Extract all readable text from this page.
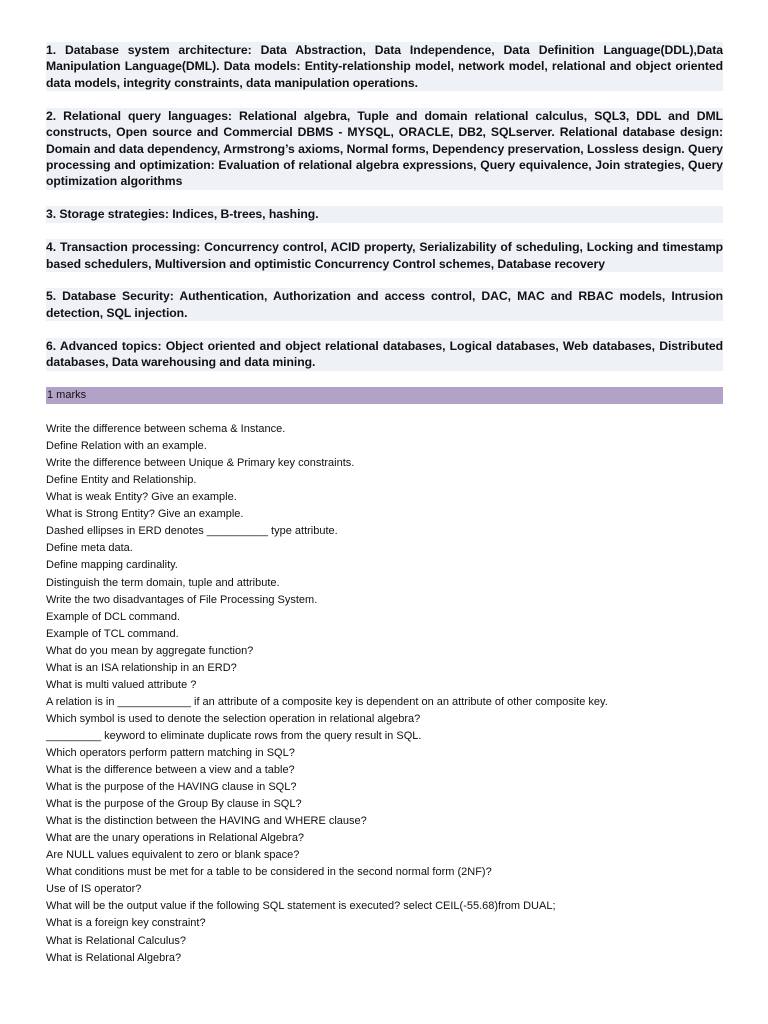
1. Database system architecture: Data Abstraction, Data Independence, Data Definition Language(DDL),Data Manipulation Language(DML). Data models: Entity-relationship model, network model, relational and object oriented data models, integrity constraints, data manipulation operations.

2. Relational query languages: Relational algebra, Tuple and domain relational calculus, SQL3, DDL and DML constructs, Open source and Commercial DBMS - MYSQL, ORACLE, DB2, SQLserver. Relational database design: Domain and data dependency, Armstrong’s axioms, Normal forms, Dependency preservation, Lossless design. Query processing and optimization: Evaluation of relational algebra expressions, Query equivalence, Join strategies, Query optimization algorithms

3. Storage strategies: Indices, B-trees, hashing.

4. Transaction processing: Concurrency control, ACID property, Serializability of scheduling, Locking and timestamp based schedulers, Multiversion and optimistic Concurrency Control schemes, Database recovery

5. Database Security: Authentication, Authorization and access control, DAC, MAC and RBAC models, Intrusion detection, SQL injection.

6. Advanced topics: Object oriented and object relational databases, Logical databases, Web databases, Distributed databases, Data warehousing and data mining.

1 marks
Write the difference between schema & Instance.
Define Relation with an example.
Write the difference between Unique & Primary key constraints.
Define Entity and Relationship.
What is weak Entity? Give an example.
What is Strong Entity? Give an example.
Dashed ellipses in ERD denotes __________ type attribute.
Define meta data.
Define mapping cardinality.
Distinguish the term domain, tuple and attribute.
Write the two disadvantages of File Processing System.
Example of DCL command.
Example of TCL command.
What do you mean by aggregate function?
What is an ISA relationship in an ERD?
What is multi valued attribute ?
A relation is in ____________ if an attribute of a composite key is dependent on an attribute of other composite key.
Which symbol is used to denote the selection operation in relational algebra?
_________ keyword to eliminate duplicate rows from the query result in SQL.
Which operators perform pattern matching in SQL?
What is the difference between a view and a table?
What is the purpose of the HAVING clause in SQL?
What is the purpose of the Group By clause in SQL?
What is the distinction between the HAVING and WHERE clause?
What are the unary operations in Relational Algebra?
Are NULL values equivalent to zero or blank space?
What conditions must be met for a table to be considered in the second normal form (2NF)?
Use of IS operator?
What will be the output value if the following SQL statement is executed? select CEIL(-55.68)from DUAL;
What is a foreign key constraint?
What is Relational Calculus?
What is Relational Algebra?
